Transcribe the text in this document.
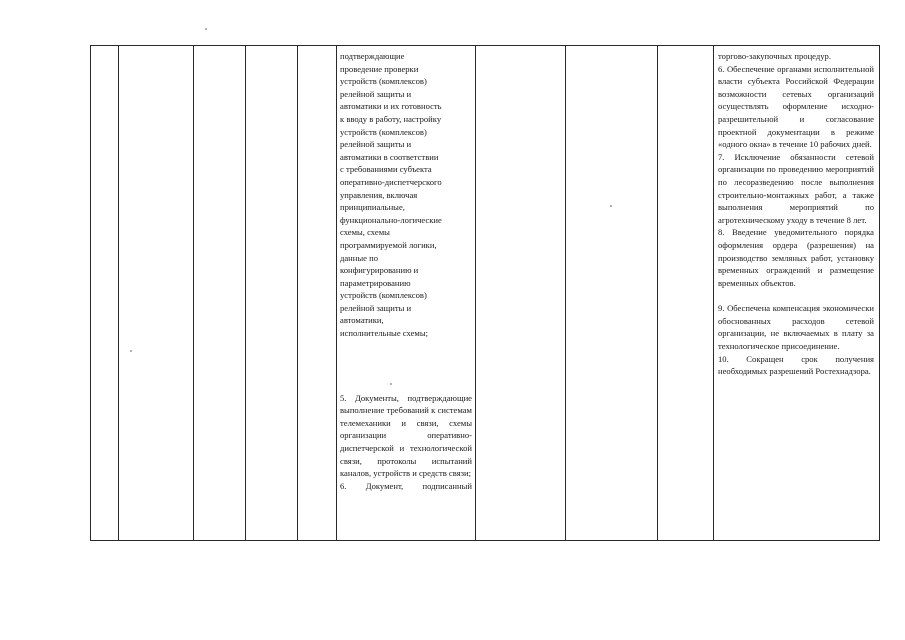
подтверждающие

проведение проверки

устройств (комплексов)

релейной защиты и

автоматики и их готовность

к вводу в работу, настройку

устройств (комплексов)

релейной защиты и

автоматики в соответствии

с требованиями субъекта

оперативно-диспетчерского

управления, включая

принципиальные,

функционально-логические

схемы, схемы

программируемой логики,

данные по

конфигурированию и

параметрированию

устройств (комплексов)

релейной защиты и

автоматики,

исполнительные схемы;

5. Документы, подтверждающие выполнение требований к системам телемеханики и связи, схемы организации оперативно-диспетчерской и технологической связи, протоколы испытаний каналов, устройств и средств связи;

6. Документ, подписанный

торгово-закупочных процедур.

6. Обеспечение органами исполнительной власти субъекта Российской Федерации возможности сетевых организаций осуществлять оформление исходно-разрешительной и согласование проектной документации в режиме «одного окна» в течение 10 рабочих дней.

7. Исключение обязанности сетевой организации по проведению мероприятий по лесоразведению после выполнения строительно-монтажных работ, а также выполнения мероприятий по агротехническому уходу в течение 8 лет.

8. Введение уведомительного порядка оформления ордера (разрешения) на производство земляных работ, установку временных ограждений и размещение временных объектов.

9. Обеспечена компенсация экономически обоснованных расходов сетевой организации, не включаемых в плату за технологическое присоединение.

10. Сокращен срок получения необходимых разрешений Ростехнадзора.
